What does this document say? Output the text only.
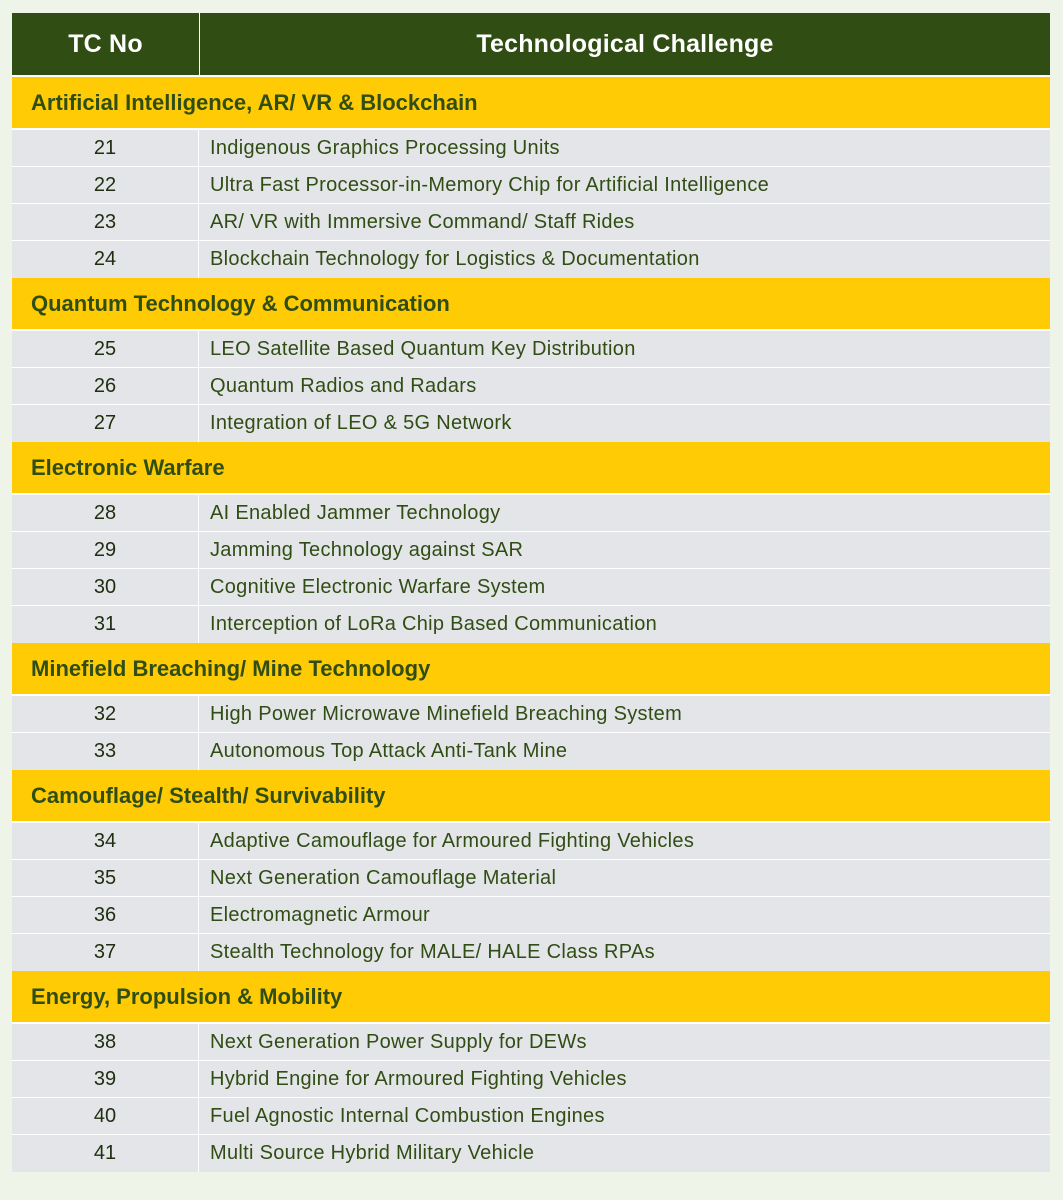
TC No	Technological Challenge
Artificial Intelligence, AR/ VR & Blockchain
21	Indigenous Graphics Processing Units
22	Ultra Fast Processor-in-Memory Chip for Artificial Intelligence
23	AR/ VR with Immersive Command/ Staff Rides
24	Blockchain Technology for Logistics & Documentation
Quantum Technology & Communication
25	LEO Satellite Based Quantum Key Distribution
26	Quantum Radios and Radars
27	Integration of LEO & 5G Network
Electronic Warfare
28	AI Enabled Jammer Technology
29	Jamming Technology against SAR
30	Cognitive Electronic Warfare System
31	Interception of LoRa Chip Based Communication
Minefield Breaching/ Mine Technology
32	High Power Microwave Minefield Breaching System
33	Autonomous Top Attack Anti-Tank Mine
Camouflage/ Stealth/ Survivability
34	Adaptive Camouflage for Armoured Fighting Vehicles
35	Next Generation Camouflage Material
36	Electromagnetic Armour
37	Stealth Technology for MALE/ HALE Class RPAs
Energy, Propulsion & Mobility
38	Next Generation Power Supply for DEWs
39	Hybrid Engine for Armoured Fighting Vehicles
40	Fuel Agnostic Internal Combustion Engines
41	Multi Source Hybrid Military Vehicle
